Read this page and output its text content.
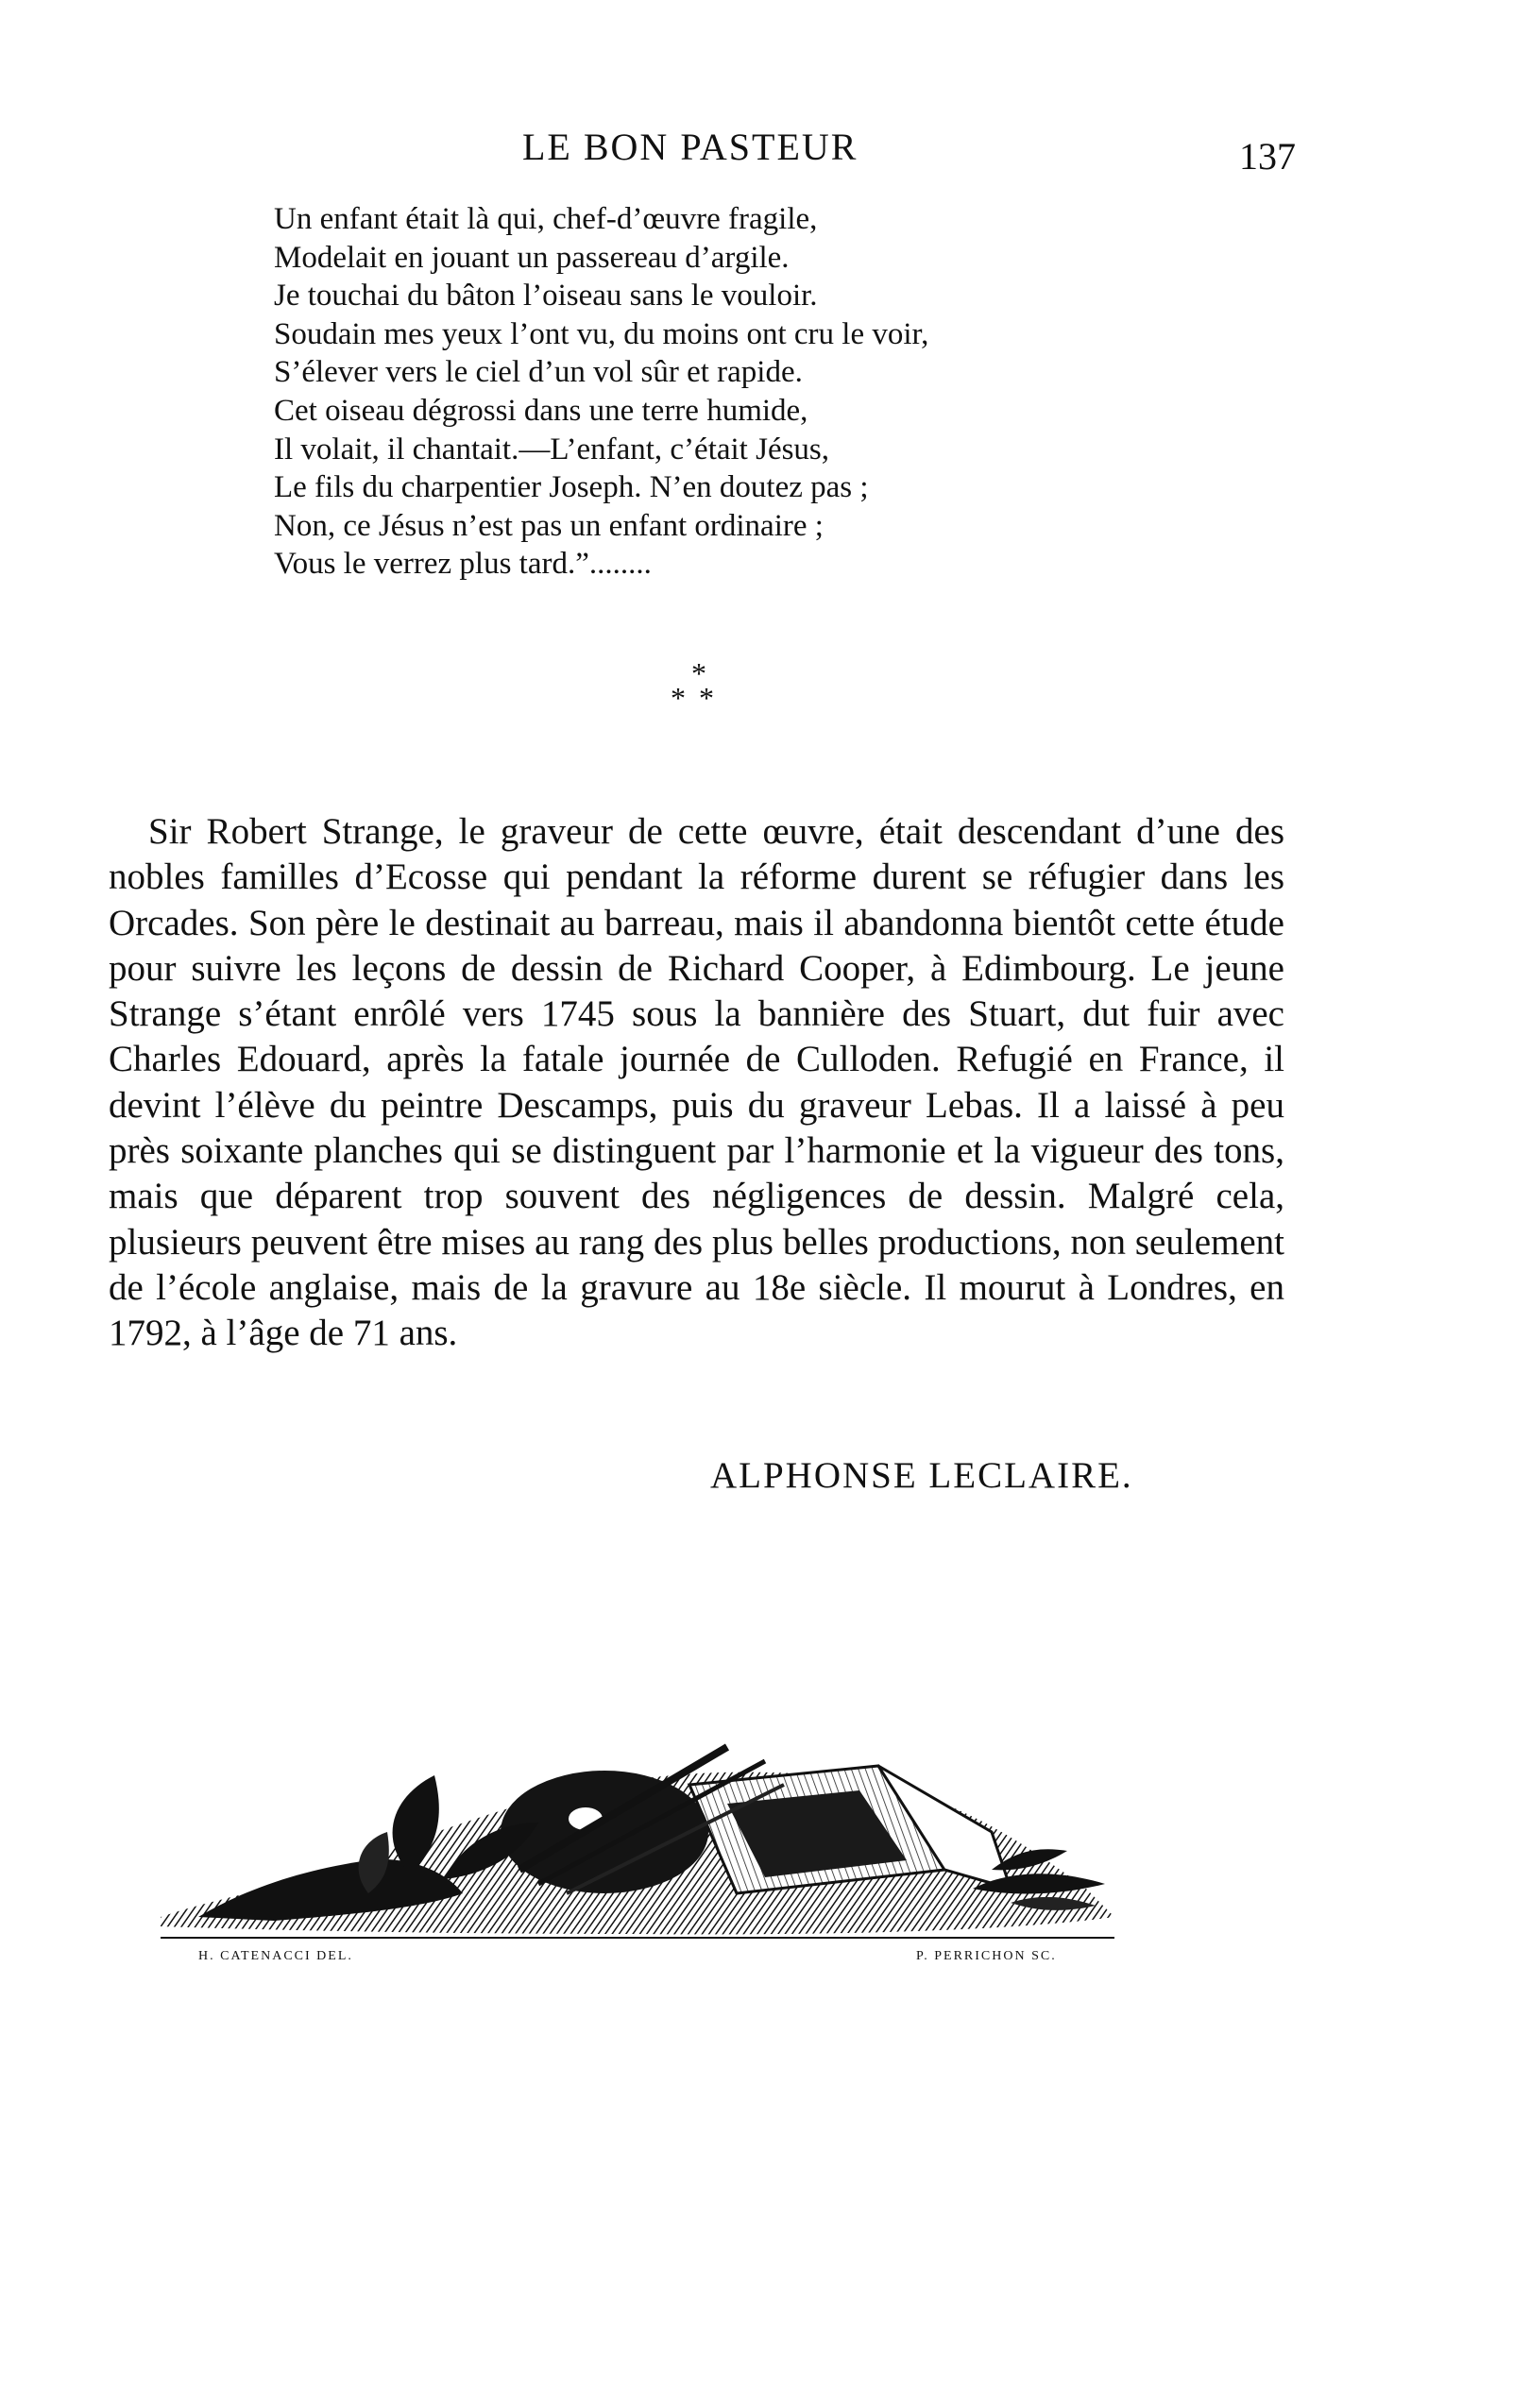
LE BON PASTEUR	137
Un enfant était là qui, chef-d’œuvre fragile,
Modelait en jouant un passereau d’argile.
Je touchai du bâton l’oiseau sans le vouloir.
Soudain mes yeux l’ont vu, du moins ont cru le voir,
S’élever vers le ciel d’un vol sûr et rapide.
Cet oiseau dégrossi dans une terre humide,
Il volait, il chantait.—L’enfant, c’était Jésus,
Le fils du charpentier Joseph. N’en doutez pas ;
Non, ce Jésus n’est pas un enfant ordinaire ;
Vous le verrez plus tard.”........
*
**

Sir Robert Strange, le graveur de cette œuvre, était descendant d’une des nobles familles d’Ecosse qui pendant la réforme durent se réfugier dans les Orcades. Son père le destinait au barreau, mais il abandonna bientôt cette étude pour suivre les leçons de dessin de Richard Cooper, à Edimbourg. Le jeune Strange s’étant enrôlé vers 1745 sous la bannière des Stuart, dut fuir avec Charles Edouard, après la fatale journée de Culloden. Refugié en France, il devint l’élève du peintre Descamps, puis du graveur Lebas. Il a laissé à peu près soixante planches qui se distinguent par l’harmonie et la vigueur des tons, mais que déparent trop souvent des négligences de dessin. Malgré cela, plusieurs peuvent être mises au rang des plus belles productions, non seulement de l’école anglaise, mais de la gravure au 18e siècle. Il mourut à Londres, en 1792, à l’âge de 71 ans.

ALPHONSE LECLAIRE.
H. CATENACCI DEL.	P. PERRICHON SC.
